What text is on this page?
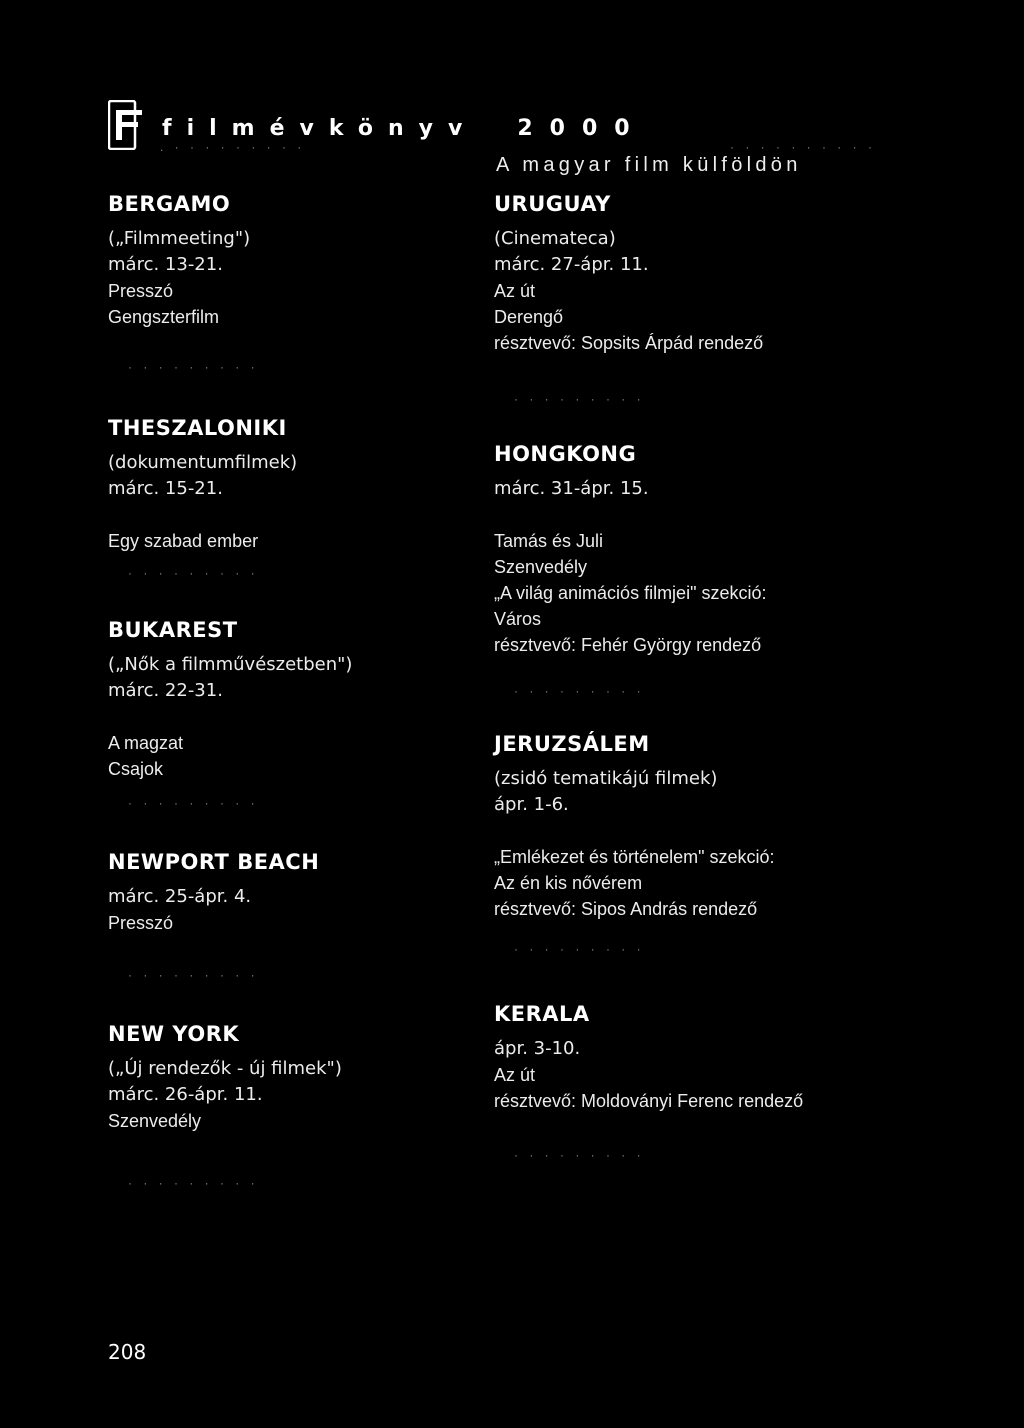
filmévkönyv 2000
A magyar film külföldön
. · · · · · · · · ·	· · · · · · · · · ·
BERGAMO
(„Filmmeeting")
márc. 13-21.
Presszó
Gengszterfilm
THESZALONIKI
(dokumentumfilmek)
márc. 15-21.
Egy szabad ember
BUKAREST
(„Nők a filmművészetben")
márc. 22-31.
A magzat
Csajok
NEWPORT BEACH
márc. 25-ápr. 4.
Presszó
NEW YORK
(„Új rendezők - új filmek")
márc. 26-ápr. 11.
Szenvedély
URUGUAY
(Cinemateca)
márc. 27-ápr. 11.
Az út
Derengő
résztvevő: Sopsits Árpád rendező
HONGKONG
márc. 31-ápr. 15.
Tamás és Juli
Szenvedély
„A világ animációs filmjei" szekció:
Város
résztvevő: Fehér György rendező
JERUZSÁLEM
(zsidó tematikájú filmek)
ápr. 1-6.
„Emlékezet és történelem" szekció:
Az én kis nővérem
résztvevő: Sipos András rendező
KERALA
ápr. 3-10.
Az út
résztvevő: Moldoványi Ferenc rendező
208
· · · · · · · · ·
· · · · · · · · ·
· · · · · · · · ·
· · · · · · · · ·
· · · · · · · · ·
· · · · · · · · ·
· · · · · · · · ·
· · · · · · · · ·
· · · · · · · · ·
